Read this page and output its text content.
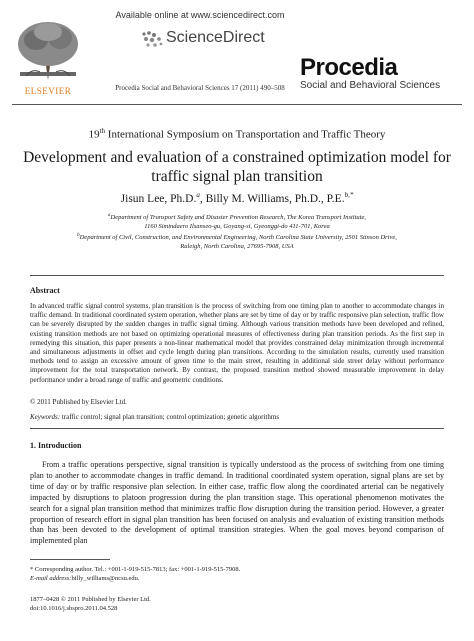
ELSEVIER
Available online at www.sciencedirect.com
ScienceDirect
Procedia Social and Behavioral Sciences 17 (2011) 490–508
Procedia
Social and Behavioral Sciences
19th International Symposium on Transportation and Traffic Theory
Development and evaluation of a constrained optimization model for traffic signal plan transition
Jisun Lee, Ph.D.$^a$, Billy M. Williams, Ph.D., P.E.$^{b,*}$
$^a$Department of Transport Safety and Disaster Prevention Research, The Korea Transport Institute,
1160 Simindaero Ilsanseo-gu, Goyang-si, Gyeonggi-do 411-701, Korea
$^b$Department of Civil, Construction, and Environmental Engineering, North Carolina State University, 2501 Stinson Drive,
Raleigh, North Carolina, 27695-7908, USA
Abstract
In advanced traffic signal control systems, plan transition is the process of switching from one timing plan to another to accommodate changes in traffic demand. In traditional coordinated system operation, whether plans are set by time of day or by traffic responsive plan selection, traffic flow can be severely disrupted by the sudden changes in traffic signal timing. Although various transition methods have been developed and refined, existing transition methods are not based on optimizing operational measures of effectiveness during plan transition periods. As the first step in remedying this situation, this paper presents a non-linear mathematical model that provides constrained delay minimization through incremental and simultaneous adjustments in offset and cycle length during plan transitions. According to the simulation results, currently used transition methods tend to assign an excessive amount of green time to the main street, resulting in additional side street delay without performance improvement for the total transportation network. By contrast, the proposed transition method showed measurable improvement in delay performance under a broad range of traffic and geometric conditions.
© 2011 Published by Elsevier Ltd.
Keywords: traffic control; signal plan transition; control optimization; genetic algorithms
1. Introduction
From a traffic operations perspective, signal transition is typically understood as the process of switching from one timing plan to another to accommodate changes in traffic demand. In traditional coordinated system operation, signal plans are set by time of day or by traffic responsive plan selection. In either case, traffic flow along the coordinated arterial can be negatively impacted by disruptions to platoon progression during the plan transition stage. This operational phenomenon motivates the search for a signal plan transition method that minimizes traffic flow disruption during the transition period. However, a greater proportion of research effort in signal plan transition has been focused on analysis and evaluation of existing transition methods than has been devoted to the development of optimal transition strategies. When the goal moves beyond comparison of implemented plan
* Corresponding author. Tel.: +001-1-919-515-7813; fax: +001-1-919-515-7908.
E-mail address:billy_williams@ncsu.edu.
1877–0428 © 2011 Published by Elsevier Ltd.
doi:10.1016/j.sbspro.2011.04.528
